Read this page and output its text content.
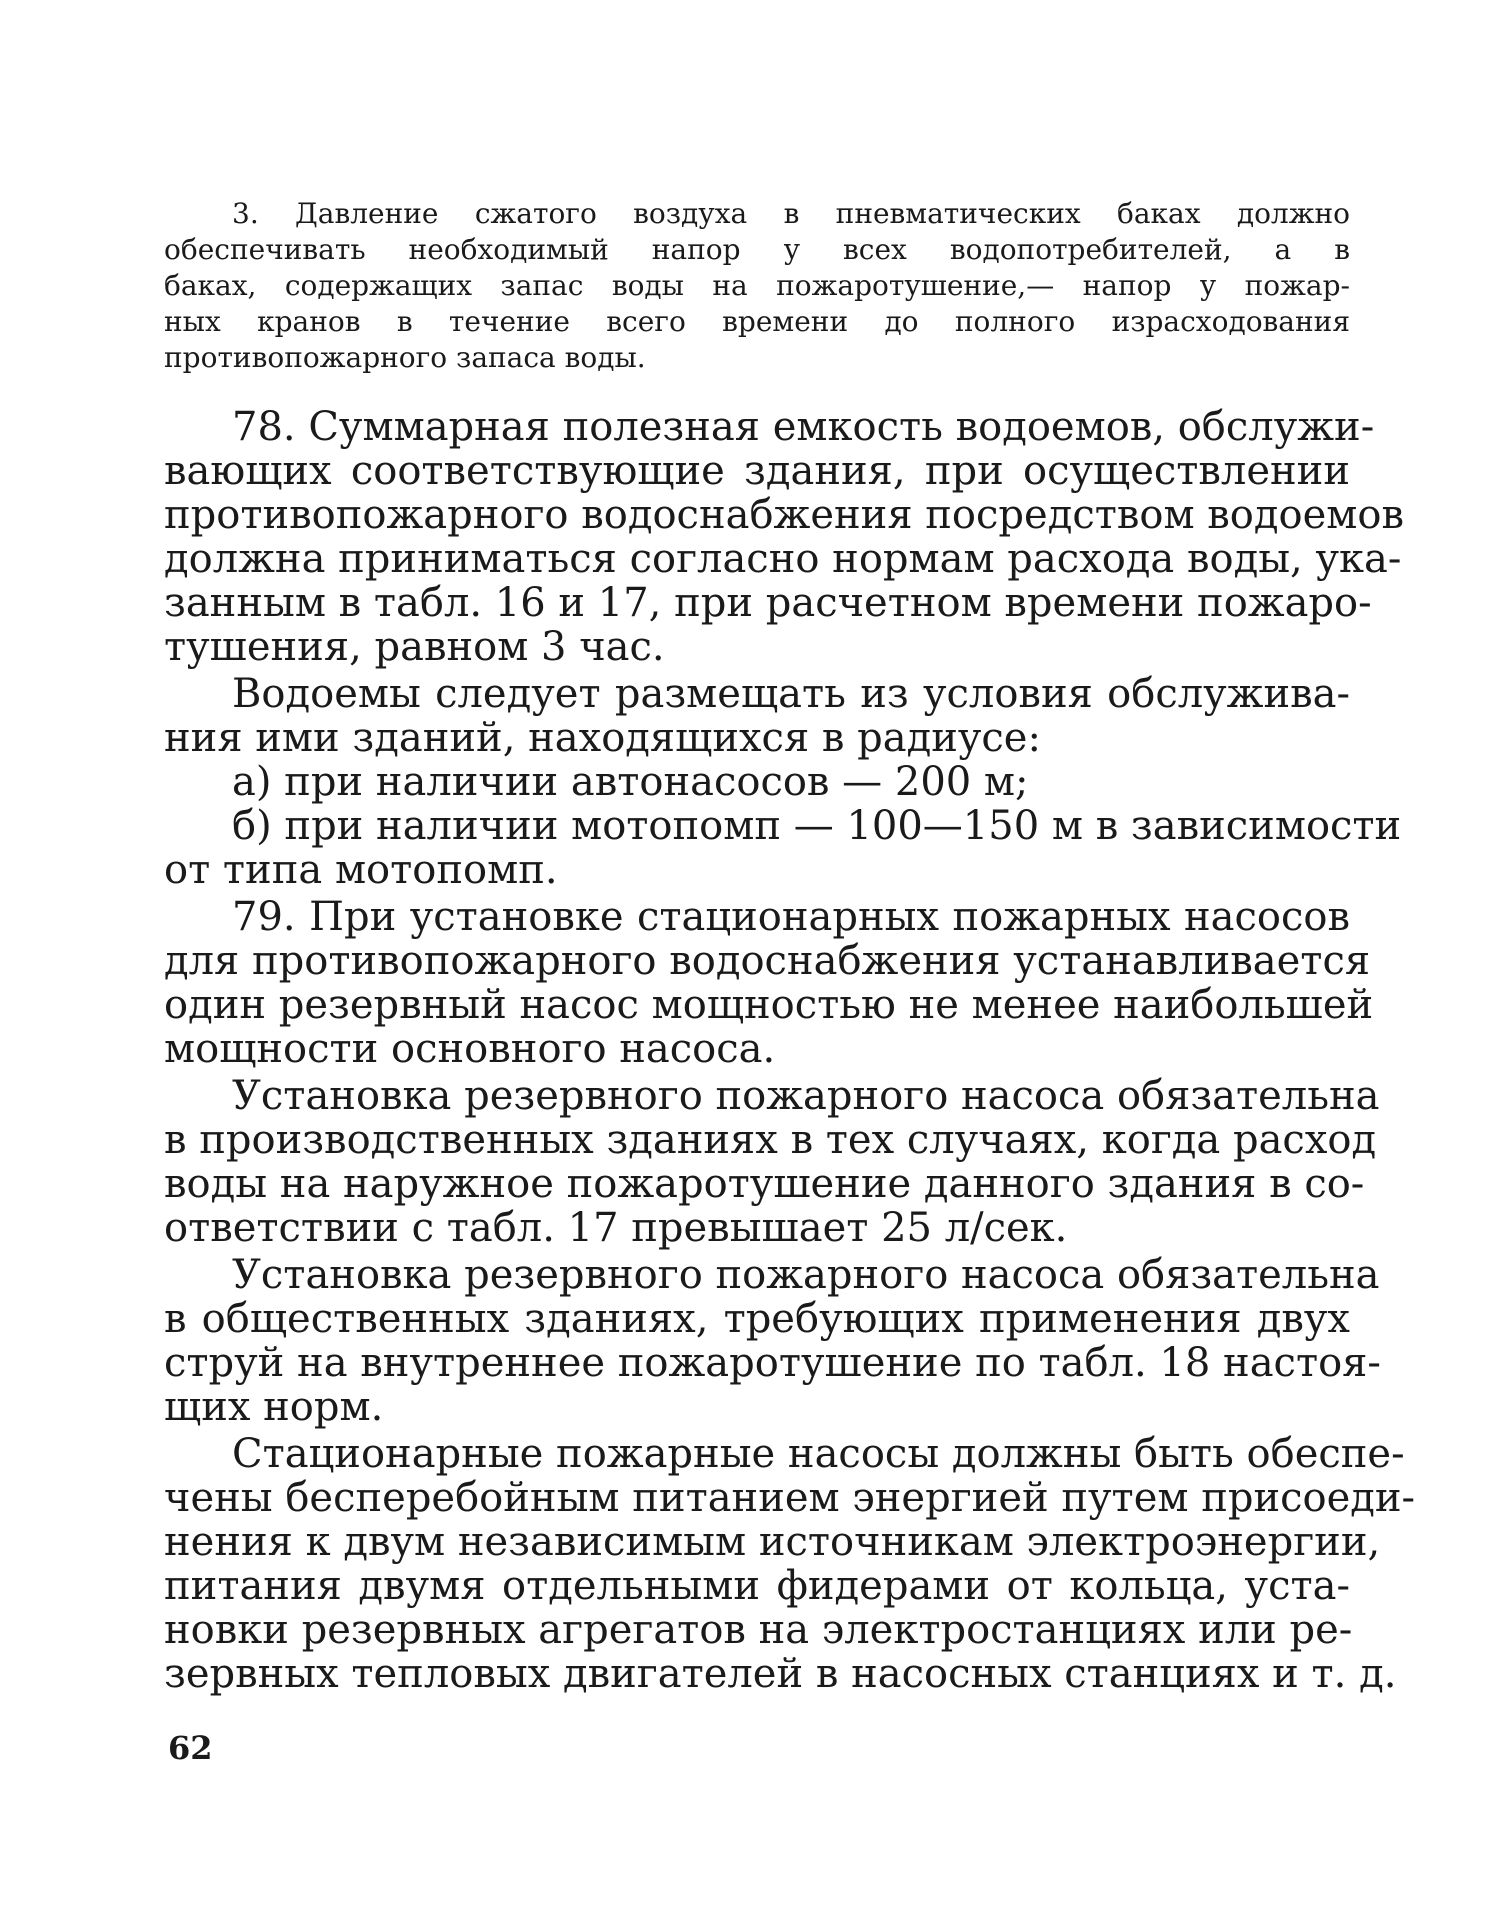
3. Давление сжатого воздуха в пневматических баках должно
обеспечивать необходимый напор у всех водопотребителей, а в
баках, содержащих запас воды на пожаротушение,— напор у пожар-
ных кранов в течение всего времени до полного израсходования
противопожарного запаса воды.
78. Суммарная полезная емкость водоемов, обслужи-
вающих соответствующие здания, при осуществлении
противопожарного водоснабжения посредством водоемов
должна приниматься согласно нормам расхода воды, ука-
занным в табл. 16 и 17, при расчетном времени пожаро-
тушения, равном 3 час.
Водоемы следует размещать из условия обслужива-
ния ими зданий, находящихся в радиусе:
а) при наличии автонасосов — 200 м;
б) при наличии мотопомп — 100—150 м в зависимости
от типа мотопомп.
79. При установке стационарных пожарных насосов
для противопожарного водоснабжения устанавливается
один резервный насос мощностью не менее наибольшей
мощности основного насоса.
Установка резервного пожарного насоса обязательна
в производственных зданиях в тех случаях, когда расход
воды на наружное пожаротушение данного здания в со-
ответствии с табл. 17 превышает 25 л/сек.
Установка резервного пожарного насоса обязательна
в общественных зданиях, требующих применения двух
струй на внутреннее пожаротушение по табл. 18 настоя-
щих норм.
Стационарные пожарные насосы должны быть обеспе-
чены бесперебойным питанием энергией путем присоеди-
нения к двум независимым источникам электроэнергии,
питания двумя отдельными фидерами от кольца, уста-
новки резервных агрегатов на электростанциях или ре-
зервных тепловых двигателей в насосных станциях и т. д.
62
